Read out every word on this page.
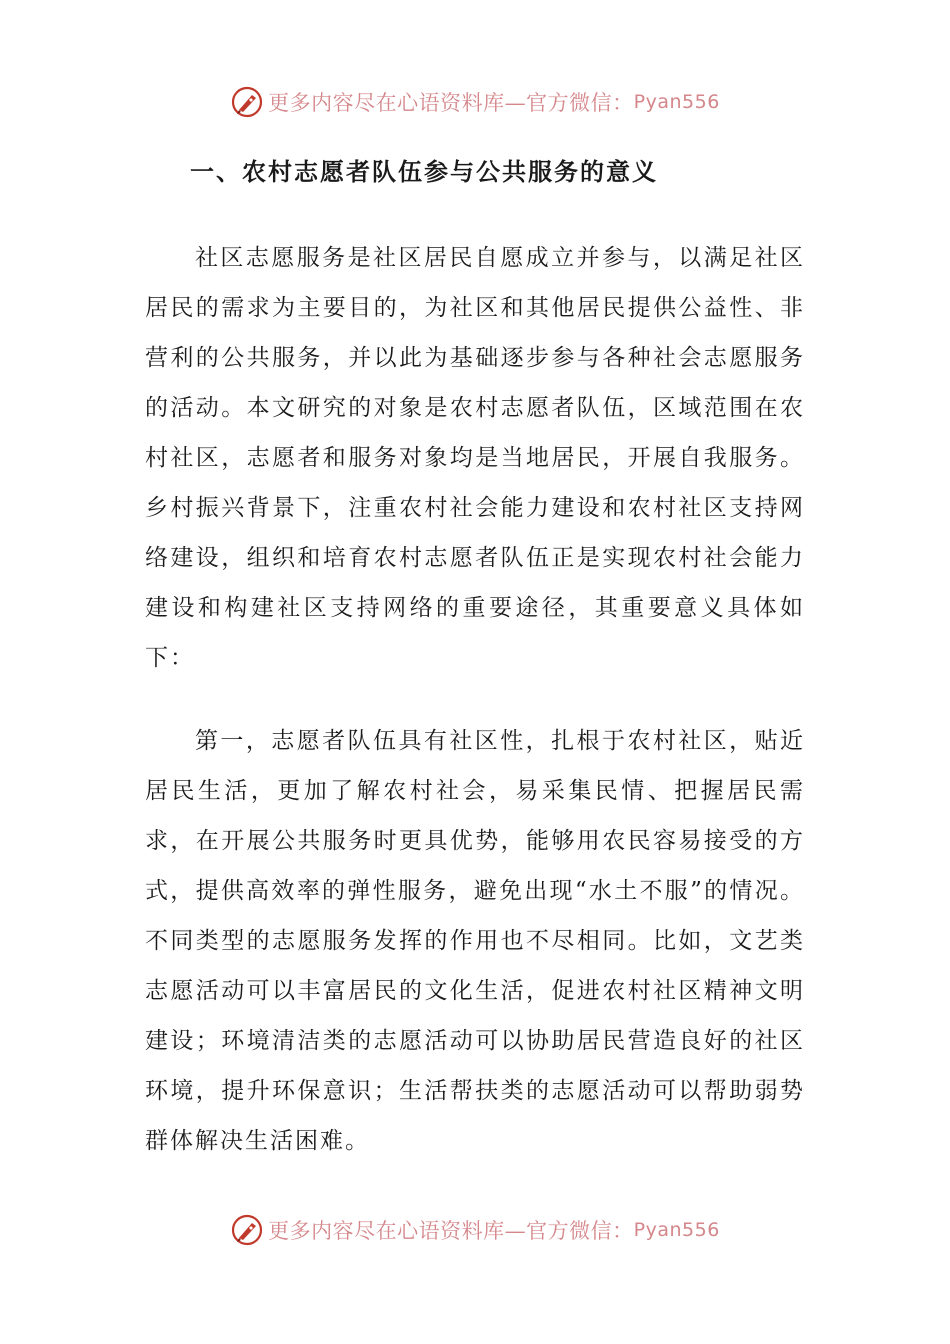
更多内容尽在心语资料库—官方微信： Pyan556
一、农村志愿者队伍参与公共服务的意义

社区志愿服务是社区居民自愿成立并参与，以满足社区居民的需求为主要目的，为社区和其他居民提供公益性、非营利的公共服务，并以此为基础逐步参与各种社会志愿服务的活动。本文研究的对象是农村志愿者队伍，区域范围在农村社区，志愿者和服务对象均是当地居民，开展自我服务。乡村振兴背景下，注重农村社会能力建设和农村社区支持网络建设，组织和培育农村志愿者队伍正是实现农村社会能力建设和构建社区支持网络的重要途径，其重要意义具体如下：

第一，志愿者队伍具有社区性，扎根于农村社区，贴近居民生活，更加了解农村社会，易采集民情、把握居民需求，在开展公共服务时更具优势，能够用农民容易接受的方式，提供高效率的弹性服务，避免出现“水土不服”的情况。不同类型的志愿服务发挥的作用也不尽相同。比如，文艺类志愿活动可以丰富居民的文化生活，促进农村社区精神文明建设；环境清洁类的志愿活动可以协助居民营造良好的社区环境，提升环保意识；生活帮扶类的志愿活动可以帮助弱势群体解决生活困难。

更多内容尽在心语资料库—官方微信： Pyan556
